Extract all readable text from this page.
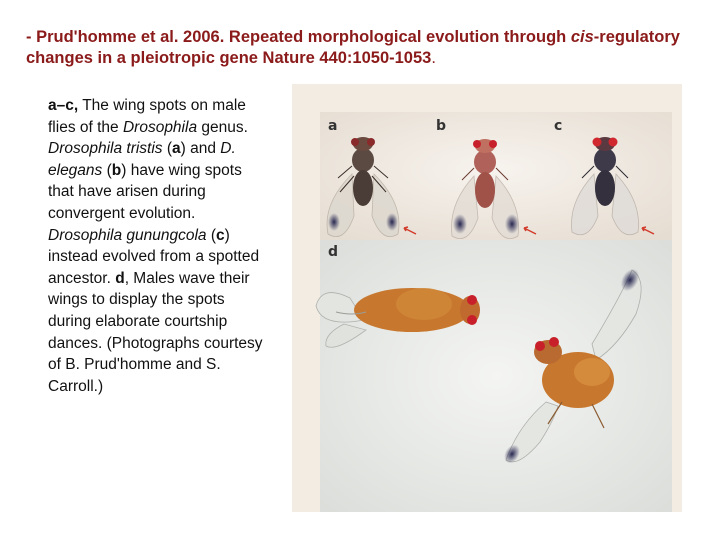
- Prud'homme et al. 2006. Repeated morphological evolution through cis-regulatory changes in a pleiotropic gene Nature 440:1050-1053.
a–c, The wing spots on male flies of the Drosophila genus. Drosophila tristis (a) and D. elegans (b) have wing spots that have arisen during convergent evolution. Drosophila gunungcola (c) instead evolved from a spotted ancestor. d, Males wave their wings to display the spots during elaborate courtship dances. (Photographs courtesy of B. Prud'homme and S. Carroll.)
a	b	c
d
